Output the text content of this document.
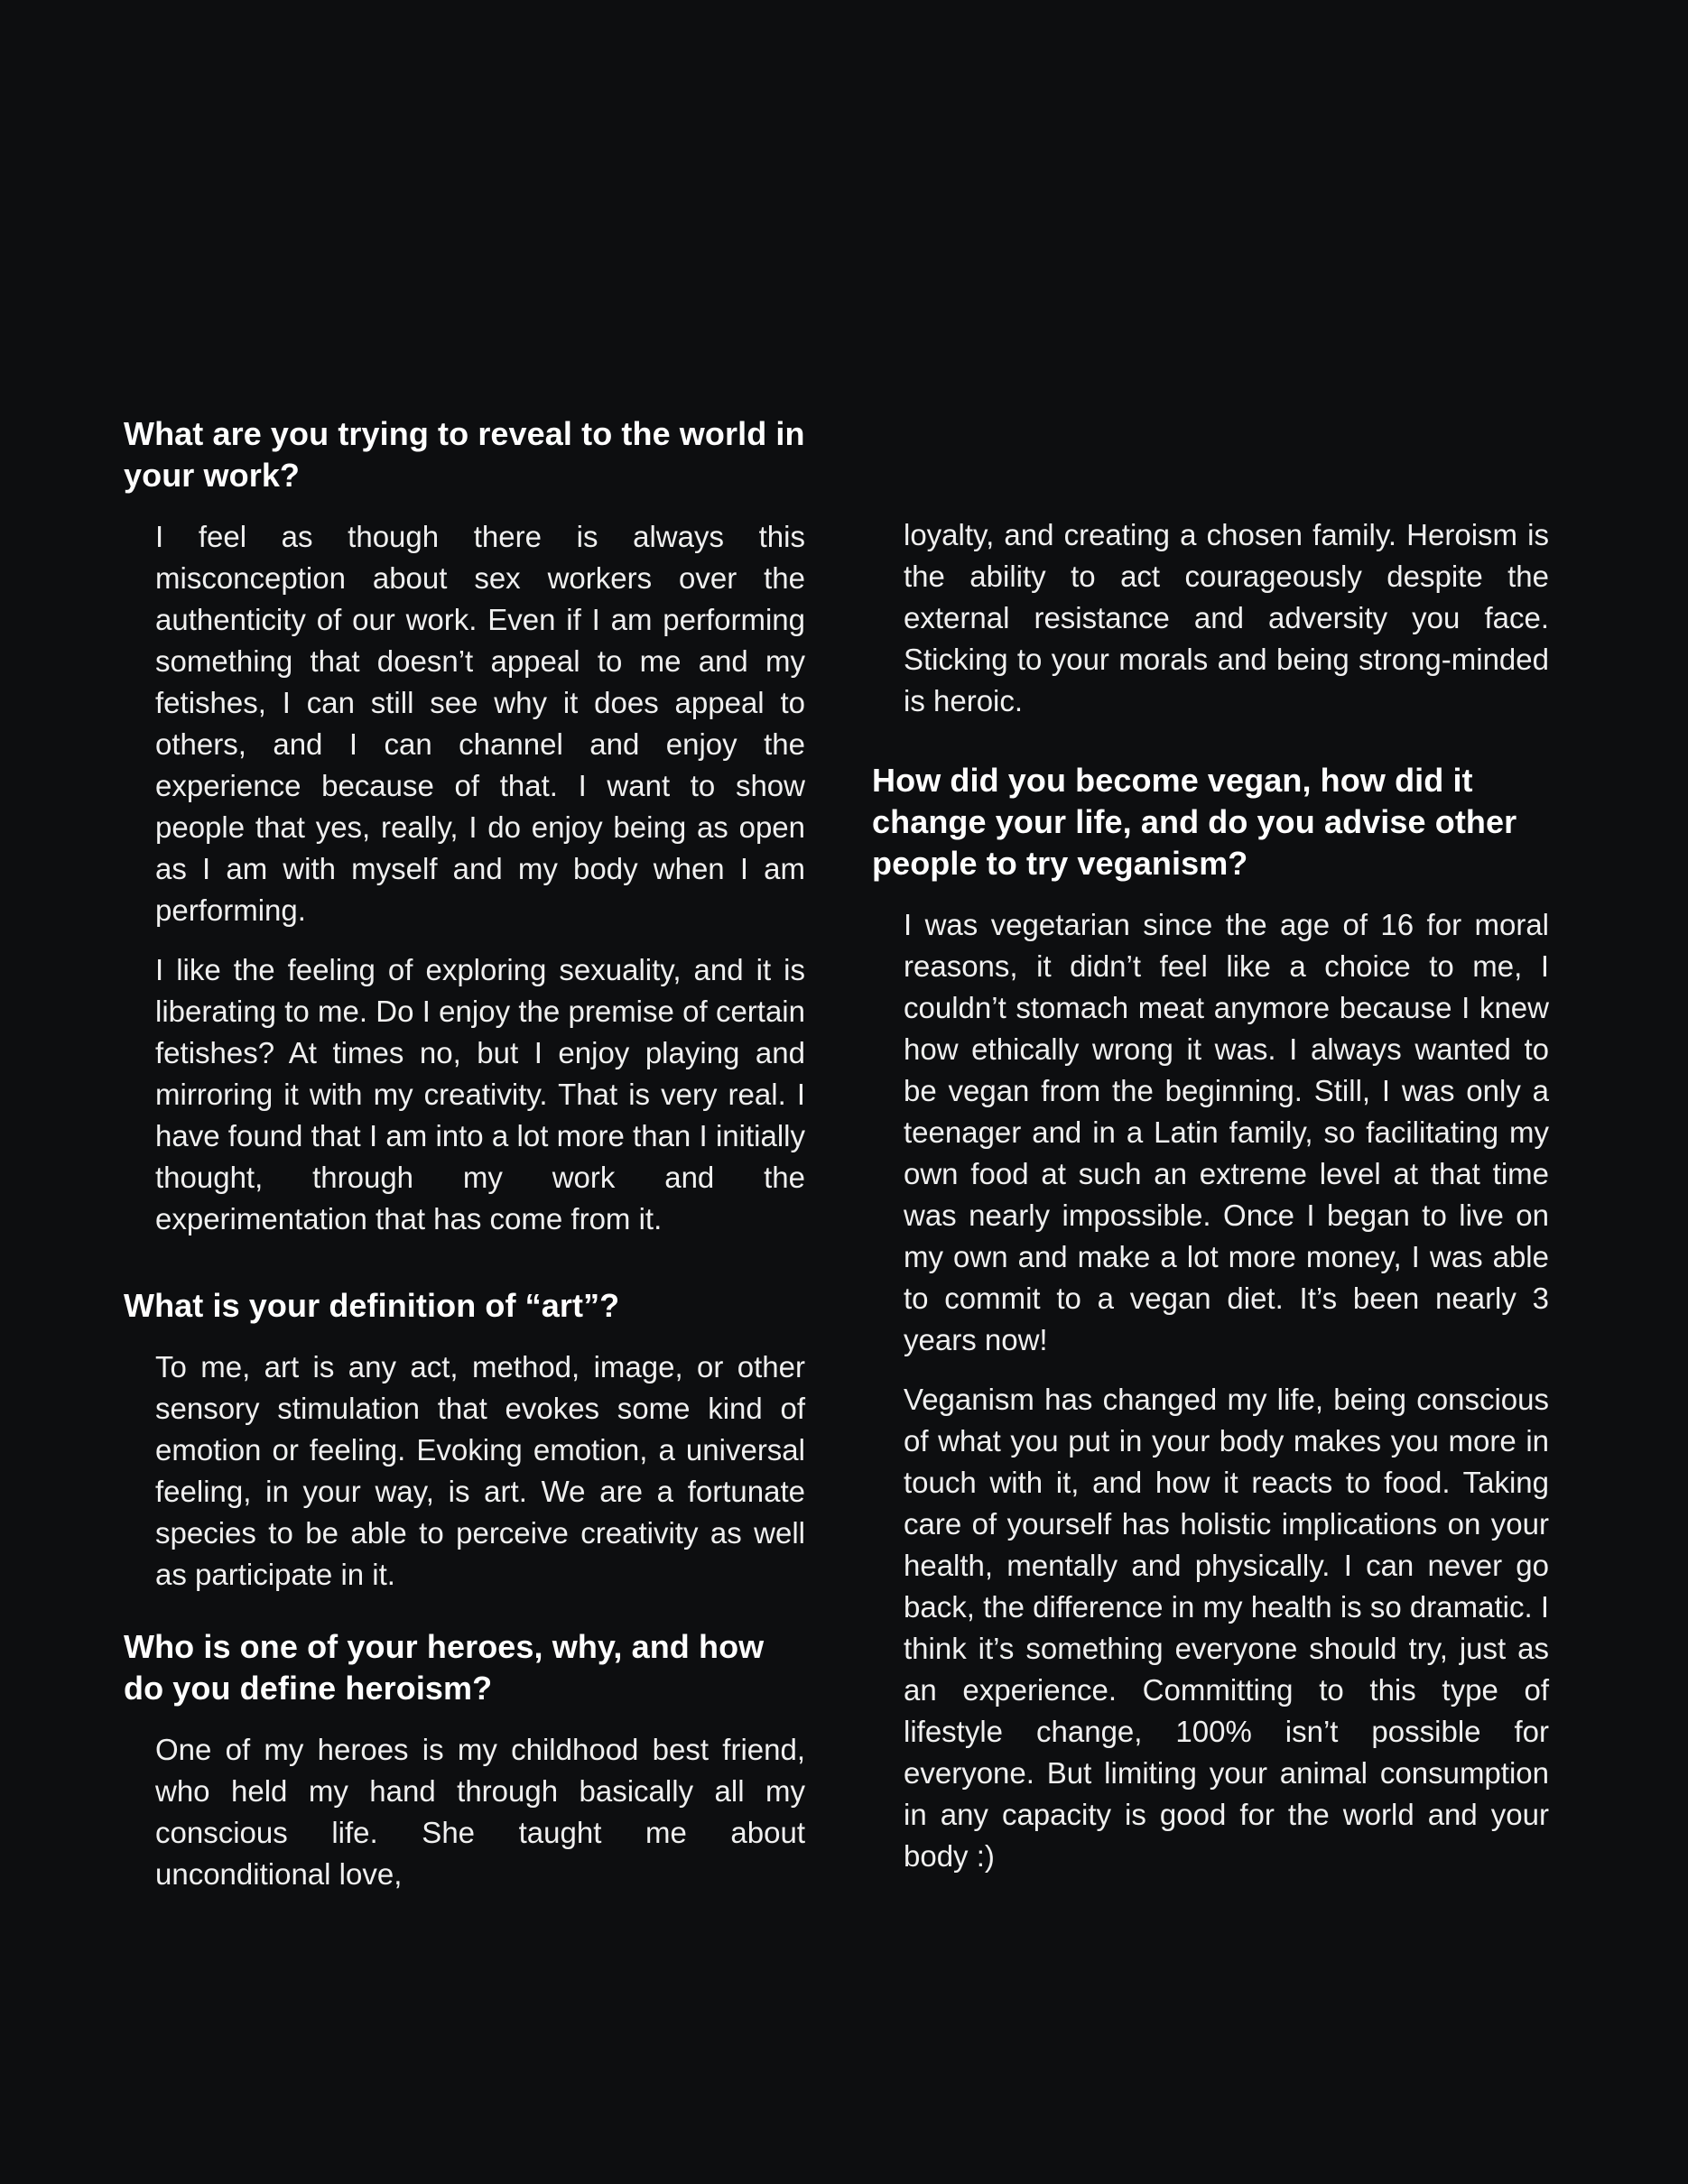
What are you trying to reveal to the world in your work?

I feel as though there is always this misconception about sex workers over the authenticity of our work. Even if I am performing something that doesn’t appeal to me and my fetishes, I can still see why it does appeal to others, and I can channel and enjoy the experience because of that. I want to show people that yes, really, I do enjoy being as open as I am with myself and my body when I am performing.

I like the feeling of exploring sexuality, and it is liberating to me. Do I enjoy the premise of certain fetishes? At times no, but I enjoy playing and mirroring it with my creativity. That is very real. I have found that I am into a lot more than I initially thought, through my work and the experimentation that has come from it.

What is your definition of “art”?

To me, art is any act, method, image, or other sensory stimulation that evokes some kind of emotion or feeling. Evoking emotion, a universal feeling, in your way, is art. We are a fortunate species to be able to perceive creativity as well as participate in it.

Who is one of your heroes, why, and how do you define heroism?

One of my heroes is my childhood best friend, who held my hand through basically all my conscious life. She taught me about unconditional love,

loyalty, and creating a chosen family. Heroism is the ability to act courageously despite the external resistance and adversity you face. Sticking to your morals and being strong-minded is heroic.

How did you become vegan, how did it change your life, and do you advise other people to try veganism?

I was vegetarian since the age of 16 for moral reasons, it didn’t feel like a choice to me, I couldn’t stomach meat anymore because I knew how ethically wrong it was. I always wanted to be vegan from the beginning. Still, I was only a teenager and in a Latin family, so facilitating my own food at such an extreme level at that time was nearly impossible. Once I began to live on my own and make a lot more money, I was able to commit to a vegan diet. It’s been nearly 3 years now!

Veganism has changed my life, being conscious of what you put in your body makes you more in touch with it, and how it reacts to food. Taking care of yourself has holistic implications on your health, mentally and physically. I can never go back, the difference in my health is so dramatic. I think it’s something everyone should try, just as an experience. Committing to this type of lifestyle change, 100% isn’t possible for everyone. But limiting your animal consumption in any capacity is good for the world and your body :)
